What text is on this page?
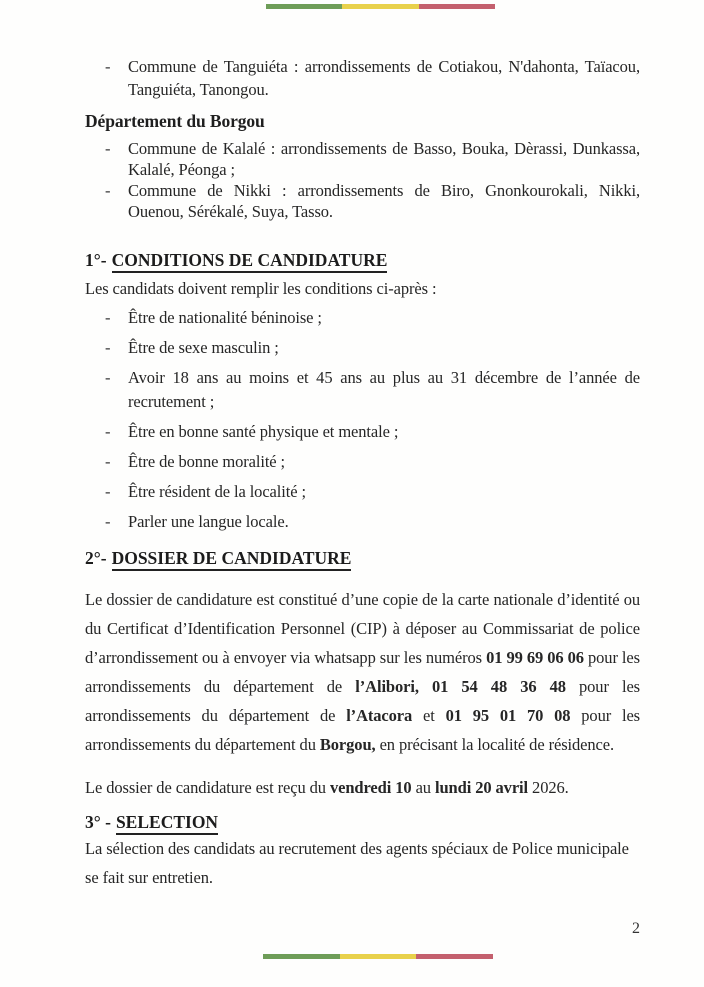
- Commune de Tanguiéta : arrondissements de Cotiakou, N'dahonta, Taïacou, Tanguiéta, Tanongou.
Département du Borgou
- Commune de Kalalé : arrondissements de Basso, Bouka, Dèrassi, Dunkassa, Kalalé, Péonga ;
- Commune de Nikki : arrondissements de Biro, Gnonkourokali, Nikki, Ouenou, Sérékalé, Suya, Tasso.
1°- CONDITIONS DE CANDIDATURE
Les candidats doivent remplir les conditions ci-après :
- Être de nationalité béninoise ;
- Être de sexe masculin ;
- Avoir 18 ans au moins et 45 ans au plus au 31 décembre de l’année de recrutement ;
- Être en bonne santé physique et mentale ;
- Être de bonne moralité ;
- Être résident de la localité ;
- Parler une langue locale.
2°- DOSSIER DE CANDIDATURE
Le dossier de candidature est constitué d’une copie de la carte nationale d’identité ou du Certificat d’Identification Personnel (CIP) à déposer au Commissariat de police d’arrondissement ou à envoyer via whatsapp sur les numéros 01 99 69 06 06 pour les arrondissements du département de l’Alibori, 01 54 48 36 48 pour les arrondissements du département de l’Atacora et 01 95 01 70 08 pour les arrondissements du département du Borgou, en précisant la localité de résidence.
Le dossier de candidature est reçu du vendredi 10 au lundi 20 avril 2026.
3° - SELECTION
La sélection des candidats au recrutement des agents spéciaux de Police municipale se fait sur entretien.
2
